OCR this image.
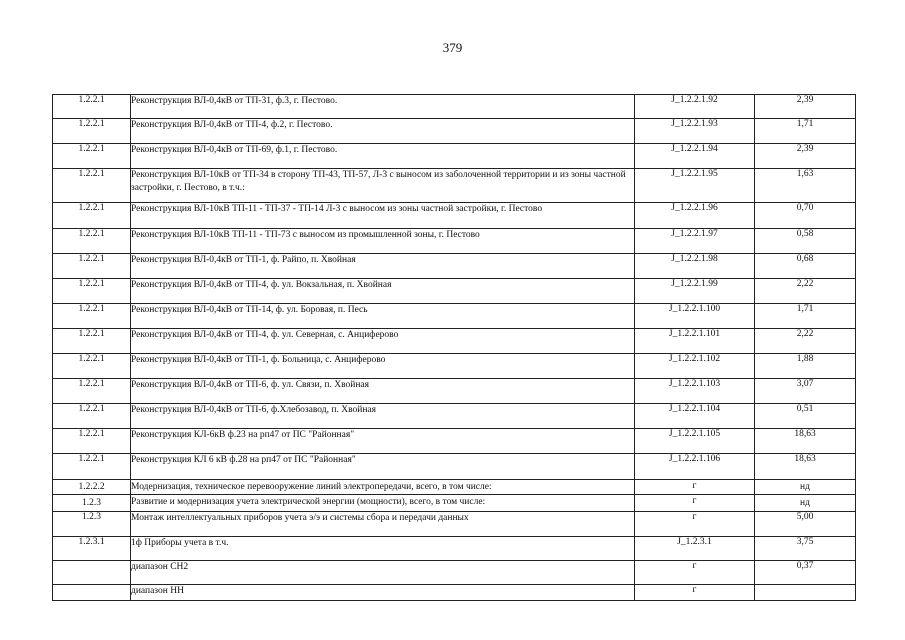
379
1.2.2.1	Реконструкция ВЛ-0,4кВ от ТП-31, ф.3, г. Пестово.	J_1.2.2.1.92	2,39
1.2.2.1	Реконструкция ВЛ-0,4кВ от ТП-4, ф.2, г. Пестово.	J_1.2.2.1.93	1,71
1.2.2.1	Реконструкция ВЛ-0,4кВ от ТП-69, ф.1, г. Пестово.	J_1.2.2.1.94	2,39
1.2.2.1	Реконструкция ВЛ-10кВ от ТП-34 в сторону ТП-43, ТП-57, Л-3 с выносом из заболоченной территории и из зоны частной застройки, г. Пестово, в т.ч.:	J_1.2.2.1.95	1,63
1.2.2.1	Реконструкция ВЛ-10кВ ТП-11 - ТП-37 - ТП-14 Л-3 с выносом из зоны частной застройки, г. Пестово	J_1.2.2.1.96	0,70
1.2.2.1	Реконструкция ВЛ-10кВ ТП-11 - ТП-73 с выносом из промышленной зоны, г. Пестово	J_1.2.2.1.97	0,58
1.2.2.1	Реконструкция ВЛ-0,4кВ от ТП-1, ф. Райпо, п. Хвойная	J_1.2.2.1.98	0,68
1.2.2.1	Реконструкция ВЛ-0,4кВ от ТП-4, ф. ул. Вокзальная, п. Хвойная	J_1.2.2.1.99	2,22
1.2.2.1	Реконструкция ВЛ-0,4кВ от ТП-14, ф. ул. Боровая, п. Песь	J_1.2.2.1.100	1,71
1.2.2.1	Реконструкция ВЛ-0,4кВ от ТП-4, ф. ул. Северная, с. Анциферово	J_1.2.2.1.101	2,22
1.2.2.1	Реконструкция ВЛ-0,4кВ от ТП-1, ф. Больница, с. Анциферово	J_1.2.2.1.102	1,88
1.2.2.1	Реконструкция ВЛ-0,4кВ от ТП-6, ф. ул. Связи, п. Хвойная	J_1.2.2.1.103	3,07
1.2.2.1	Реконструкция ВЛ-0,4кВ от ТП-6, ф.Хлебозавод, п. Хвойная	J_1.2.2.1.104	0,51
1.2.2.1	Реконструкция КЛ-6кВ ф.23 на рп47 от ПС "Районная"	J_1.2.2.1.105	18,63
1.2.2.1	Реконструкция КЛ 6 кВ ф.28 на рп47 от ПС "Районная"	J_1.2.2.1.106	18,63
1.2.2.2	Модернизация, техническое перевооружение линий электропередачи, всего, в том числе:	г	нд
1.2.3	Развитие и модернизация учета электрической энергии (мощности), всего, в том числе:	г	нд
1.2.3	Монтаж интеллектуальных приборов учета э/э и системы сбора и передачи данных	г	5,00
1.2.3.1	1ф Приборы учета в т.ч.	J_1.2.3.1	3,75
	диапазон СН2	г	0,37
	диапазон НН	г	
